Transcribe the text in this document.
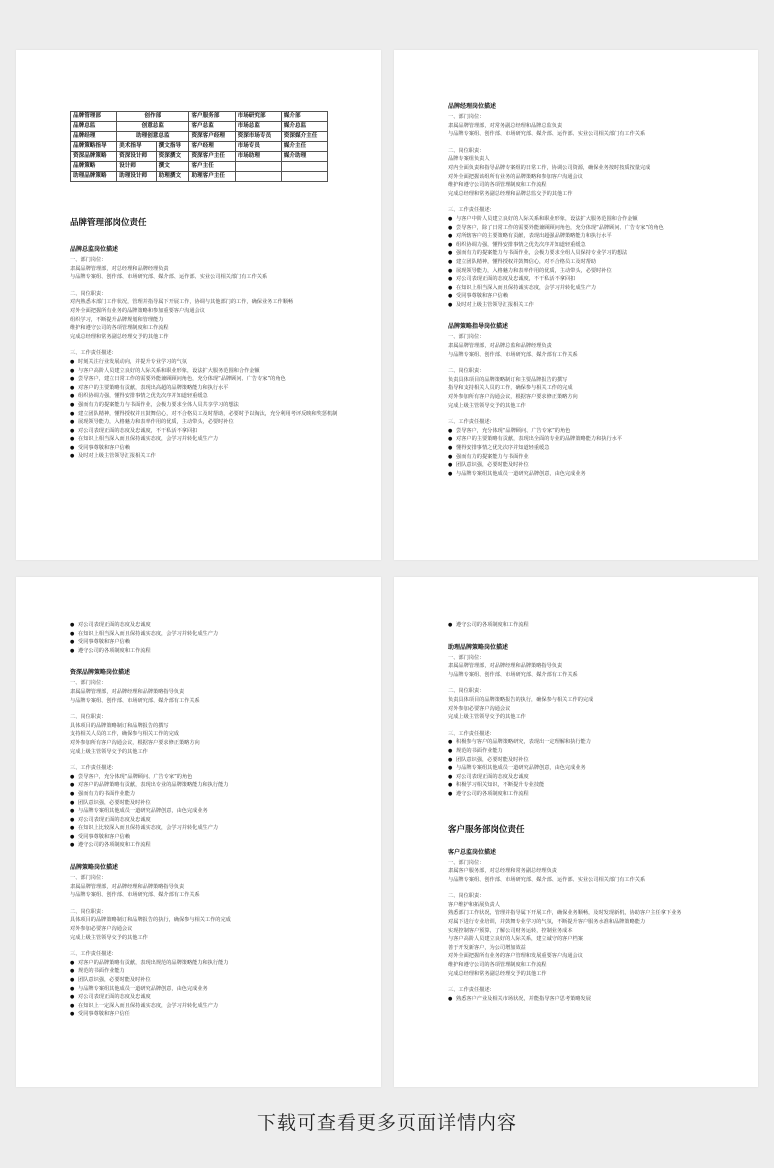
品牌管理部	创作部		客户服务部	市场研究部	媒介部
品牌总监	创意总监		客户总监	市场总监	媒介总监
品牌经理	助理创意总监		资深客户经理	资深市场专员	资深媒介主任
品牌策略指导	美术指导	撰文指导	客户经理	市场专员	媒介主任
资深品牌策略	资深设计师	资深撰文	资深客户主任	市场助理	媒介助理
品牌策略	设计师	撰文	客户主任		
助理品牌策略	助理设计师	助理撰文	助理客户主任		
品牌管理部岗位责任
品牌总监岗位描述
一、部门岗位：
隶属品牌管理部，对总经理和品牌经理负责
与品牌专案组、创作部、市场研究部、媒介部、运作部、实业公司相关部门有工作关系
二、岗位职责：
对内熟悉本部门工作状况，管理并指导属下开展工作，协调与其他部门的工作，确保业务工作顺畅
对外全面把握所有业务的品牌策略和参加重要客户沟通会议
组织学习，不断提升品牌规划和管理能力
维护和遵守公司的各项管理制度和工作流程
完成总经理和常务副总经理交予的其他工作
三、工作责任描述：
● 时刻关注行业发展动向，并提升专业学习的气氛
● 与客户高阶人员建立良好的人际关系和职业形象，设法扩大服务范围和合作金额
● 尝导客户，建立日常工作的需要外能兼顾顾问角色，充分体现“品牌顾问、广告专家”的角色
● 对客户的主要策略有贡献，表现出高超的品牌策略能力和执行水平
● 组织协调力强，懂得安排事情之优先次序并知道轻重缓急
● 强而有力的提案能力与书面作业，会极力要求全体人员共享学习的想法
● 建立团队精神，懂得授权并且鼓舞信心，对不合格员工及时帮助，必要时予以淘汰，充分利用考评反映和奖惩机制
● 展现领导能力，入格魅力和表率作用的优质，主动带头，必要时补位
● 对公司表现正面的态度及忠诚度，不干私活不拿回扣
● 在知识上相当深入而且保持诚实态度，会学习并转化成生产力
● 受同事尊敬和客户信赖
● 及时对上级主管领导汇报相关工作
品牌经理岗位描述
一、部门岗位：
隶属品牌管理部，对常务副总经理和品牌总监负责
与品牌专案组、创作部、市场研究部、媒介部、运作部、实业公司相关部门有工作关系
二、岗位职责：
品牌专案组负责人
对内全面负责和指导品牌专案组的日常工作，协调公司资源，确保业务按时按质按量完成
对外全面把握该组所有业务的品牌策略和参加客户沟通会议
维护和遵守公司的各项管理制度和工作流程
完成总经理和常务副总经理和品牌总监交予的其他工作
三、工作责任描述：
● 与客户中阶人员建立良好的人际关系和职业形象，设法扩大服务范围和合作金额
● 尝导客户，除了日常工作的需要外能兼顾顾问角色，充分体现“品牌顾问、广告专家”的角色
● 对所辖客户的主要策略有贡献，表现出超强品牌策略能力和执行水平
● 组织协调力强，懂得安排事情之优先次序并知道轻重缓急
● 强而有力的提案能力与书面作业，会极力要求全组人员保持专业学习的想法
● 建立团队精神，懂得授权并鼓舞信心，对不合格员工及时帮助
● 展现领导能力，入格魅力和表率作用的优质，主动带头，必要时补位
● 对公司表现正面的态度及忠诚度，不干私活不拿回扣
● 在知识上相当深入而且保持诚实态度，会学习并转化成生产力
● 受同事尊敬和客户信赖
● 及时对上级主管领导汇报相关工作
品牌策略指导岗位描述
一、部门岗位：
隶属品牌管理部，对品牌总监和品牌经理负责
与品牌专案组、创作部、市场研究部、媒介部有工作关系
二、岗位职责：
负责具体项目的品牌策略制订和主要品牌报告的撰写
指导和支持相关人员的工作，确保参与相关工作的完成
对外参加所有客户沟通会议，根据客户要求修正策略方向
完成上级主管领导交予的其他工作
三、工作责任描述：
● 尝导客户，充分体现“品牌顾问、广告专家”的角色
● 对客户的主要策略有贡献，表现出全面的专业的品牌策略能力和执行水平
● 懂得安排事情之优先次序并知道轻重缓急
● 强而有力的提案能力与书面作业
● 团队意识强，必要时能及时补位
● 与品牌专案组其他成员一道研究品牌创意，由色完成业务
● 对公司表现正面的态度及忠诚度
● 在知识上相当深入而且保持诚实态度，会学习并转化成生产力
● 受同事尊敬和客户信赖
● 遵守公司的各项制度和工作流程
资深品牌策略岗位描述
一、部门岗位：
隶属品牌管理部，对品牌经理和品牌策略指导负责
与品牌专案组、创作部、市场研究部、媒介部有工作关系
二、岗位职责：
具体项目的品牌策略制订和品牌报告的撰写
支持相关人员的工作，确保参与相关工作的完成
对外参加所有客户沟通会议，根据客户要求修正策略方向
完成上级主管领导交予的其他工作
三、工作责任描述：
● 尝导客户，充分体现“品牌顾问、广告专家”的角色
● 对客户的品牌策略有贡献，表现出专业的品牌策略能力和执行能力
● 强而有力的书面作业能力
● 团队意识强，必要时能及时补位
● 与品牌专案组其他成员一道研究品牌创意，由色完成业务
● 对公司表现正面的态度及忠诚度
● 在知识上比较深入而且保持诚实态度，会学习并转化成生产力
● 受同事尊敬和客户信赖
● 遵守公司的各项制度和工作流程
品牌策略岗位描述
一、部门岗位：
隶属品牌管理部，对品牌经理和品牌策略指导负责
与品牌专案组、创作部、市场研究部、媒介部有工作关系
二、岗位职责：
具体项目的品牌策略制订和品牌报告的执行，确保参与相关工作的完成
对外参加必要客户沟通会议
完成上级主管领导交予的其他工作
三、工作责任描述：
● 对客户的品牌策略有贡献，表现出规范的品牌策略能力和执行能力
● 规范的书面作业能力
● 团队意识强，必要时能及时补位
● 与品牌专案组其他成员一道研究品牌创意，由色完成业务
● 对公司表现正面的态度及忠诚度
● 在知识上一定深入而且保持诚实态度，会学习并转化成生产力
● 受同事尊敬和客户信任
● 遵守公司的各项制度和工作流程
助理品牌策略岗位描述
一、部门岗位：
隶属品牌管理部，对品牌经理和品牌策略指导负责
与品牌专案组、创作部、市场研究部、媒介部有工作关系
二、岗位职责：
负责具体项目的品牌策略报告的执行，确保参与相关工作的完成
对外参加必要客户沟通会议
完成上级主管领导交予的其他工作
三、工作责任描述：
● 积极参与客户的品牌策略研究，表现出一定理解和执行能力
● 规范的书面作业能力
● 团队意识强，必要时能及时补位
● 与品牌专案组其他成员一道研究品牌创意，由色完成业务
● 对公司表现正面的态度及忠诚度
● 积极学习相关知识，不断提升专业技能
● 遵守公司的各项制度和工作流程
客户服务部岗位责任
客户总监岗位描述
一、部门岗位：
隶属客户服务部，对总经理和常务副总经理负责
与品牌专案组、创作部、市场研究部、媒介部、运作部、实业公司相关部门有工作关系
二、岗位职责：
客户维护和拓展负责人
熟悉部门工作状况，管理并指导属下开展工作，确保业务顺畅，及时发现新机，协助客户主任拿下业务
对属下进行专业培训，并鼓舞专业学习的气氛，不断提升客户服务水准和品牌策略能力
实现控制客户预算，了解公司财务运转，控制业务成本
与客户高阶人员建立良好的人际关系，建立诚守的客户档案
善于开发新客户，为公司增加效益
对外全面把握所有业务的客户管理和发展重要客户沟通会议
维护和遵守公司的各项管理制度和工作流程
完成总经理和常务副总经理交予的其他工作
三、工作责任描述：
● 熟悉客户产业及相关市场状况，并能指导客户思考策略发展
下载可查看更多页面详情内容
